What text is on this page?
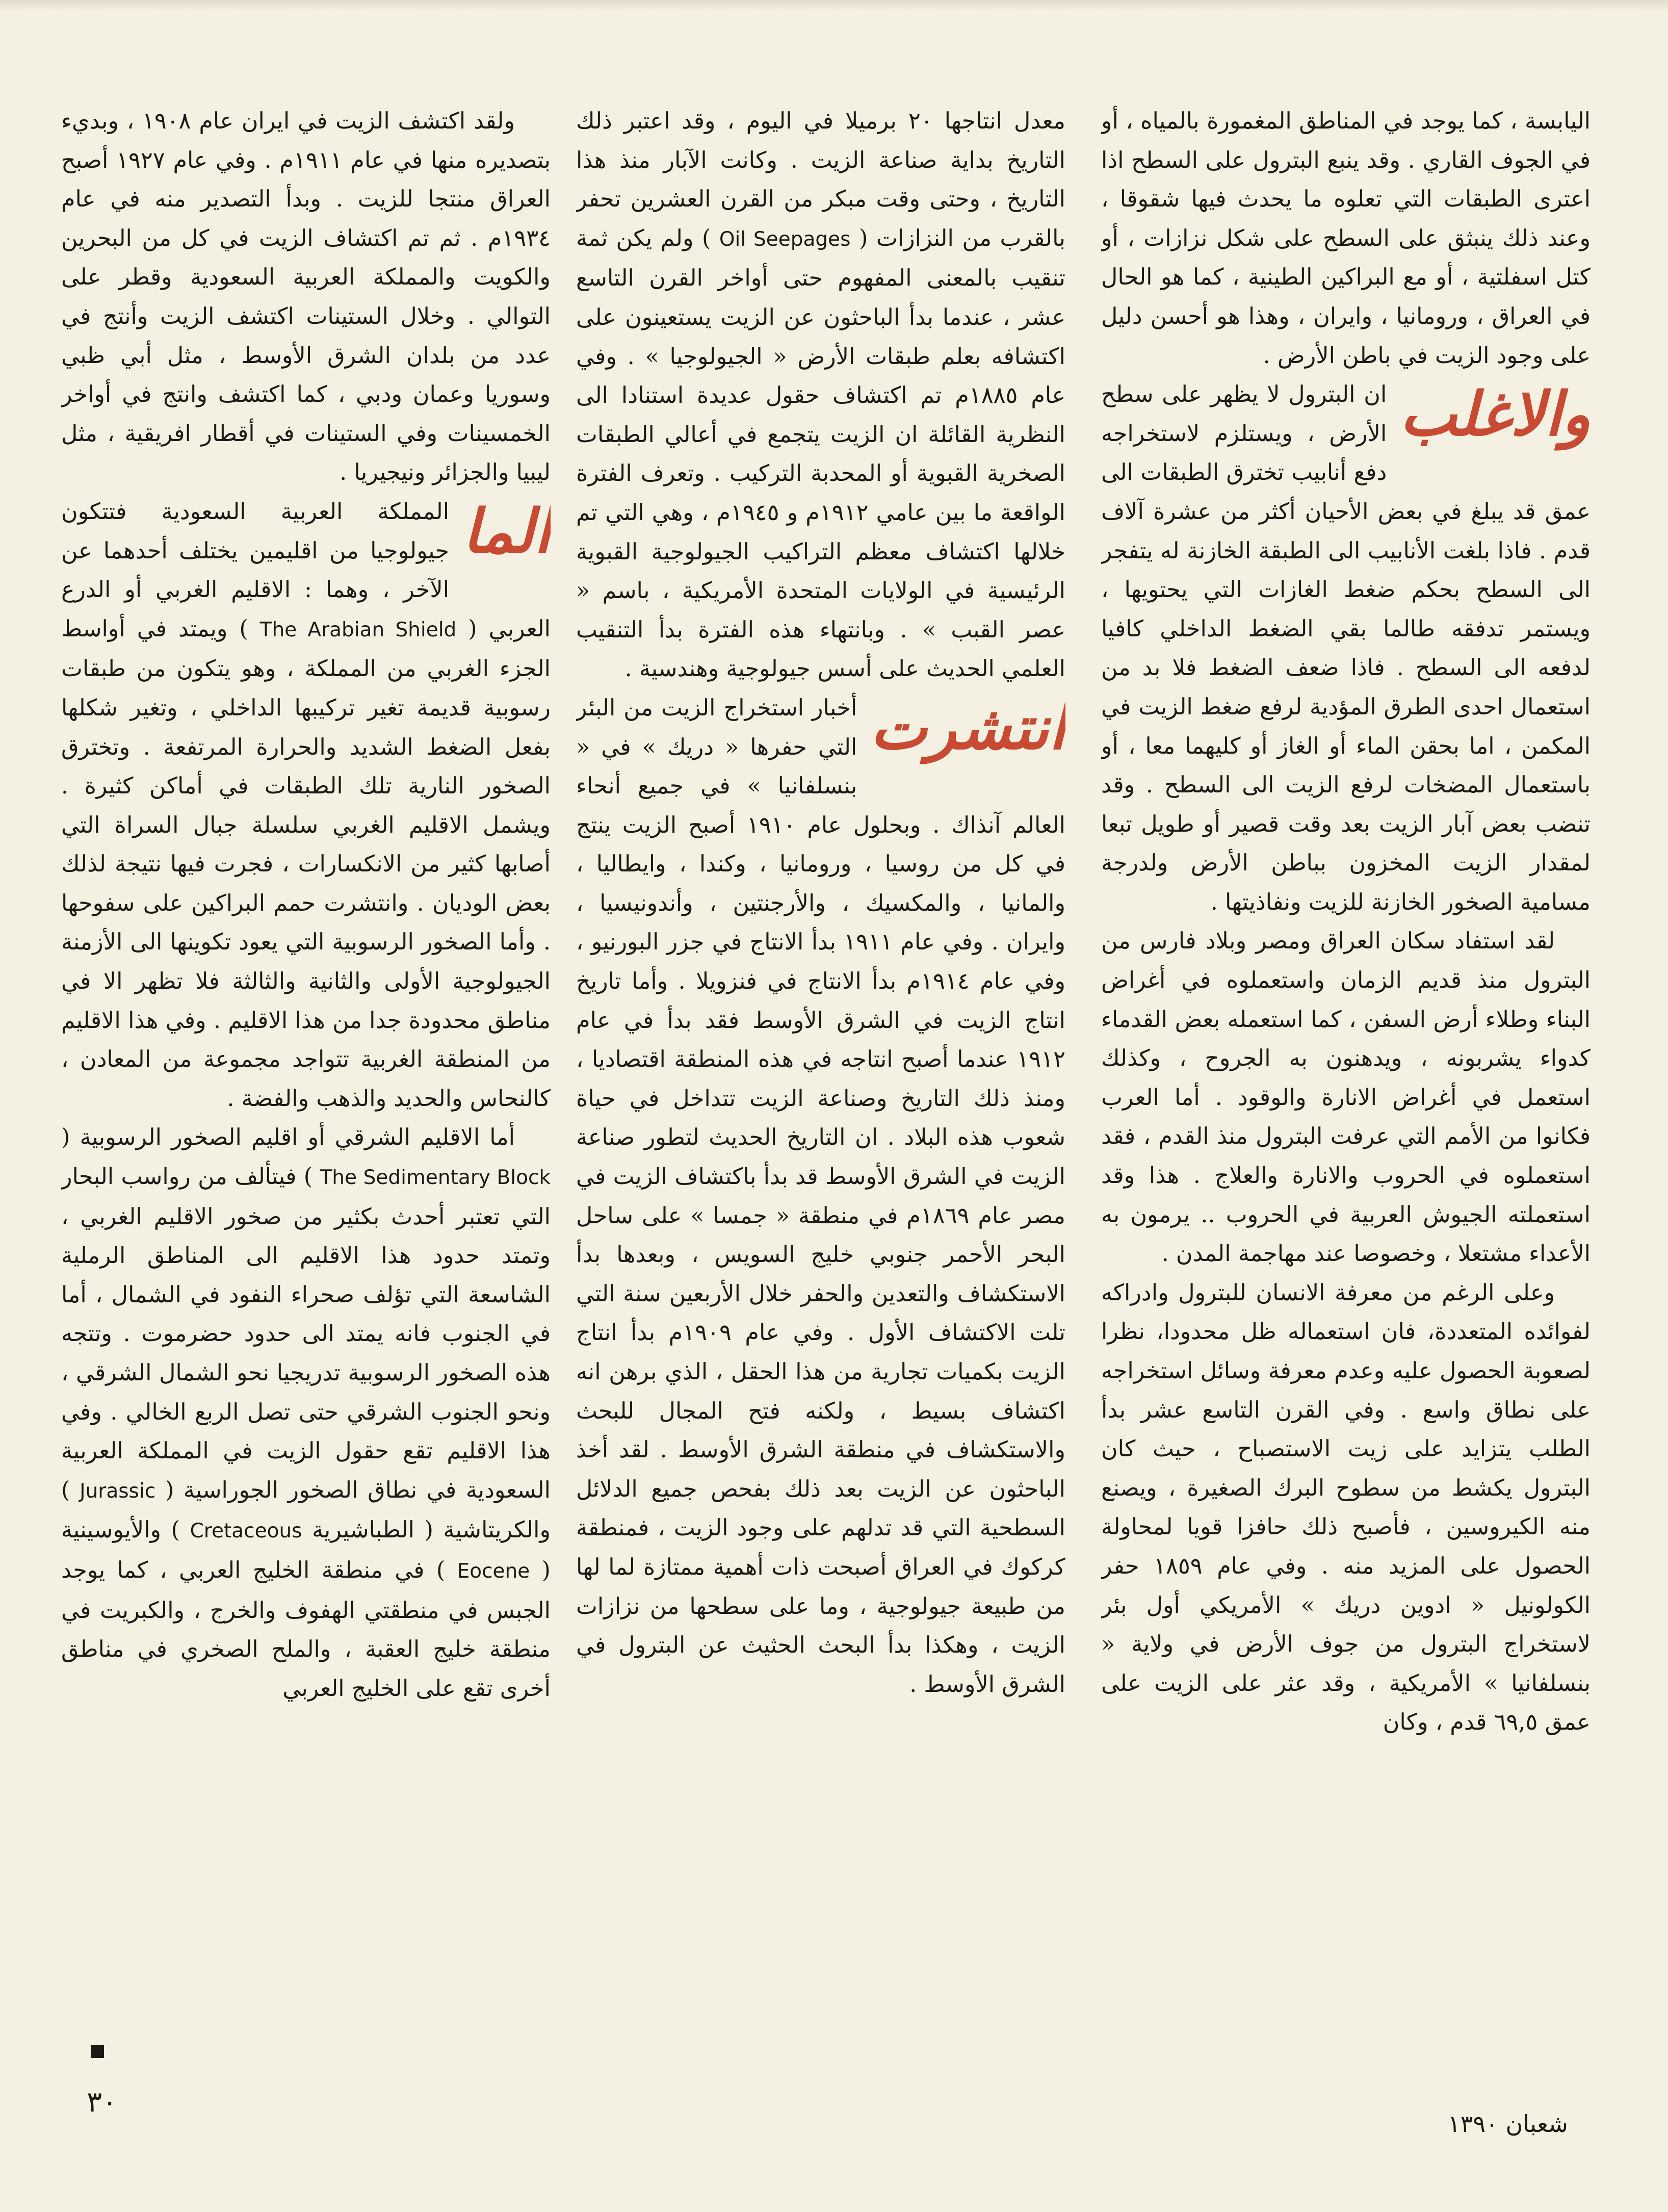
اليابسة ، كما يوجد في المناطق المغمورة بالمياه ، أو في الجوف القاري . وقد ينبع البترول على السطح اذا اعترى الطبقات التي تعلوه ما يحدث فيها شقوقا ، وعند ذلك ينبثق على السطح على شكل نزازات ، أو كتل اسفلتية ، أو مع البراكين الطينية ، كما هو الحال في العراق ، ورومانيا ، وايران ، وهذا هو أحسن دليل على وجود الزيت في باطن الأرض .

والاغلب

ان البترول لا يظهر على سطح الأرض ، ويستلزم لاستخراجه دفع أنابيب تخترق الطبقات الى عمق قد يبلغ في بعض الأحيان أكثر من عشرة آلاف قدم . فاذا بلغت الأنابيب الى الطبقة الخازنة له يتفجر الى السطح بحكم ضغط الغازات التي يحتويها ، ويستمر تدفقه طالما بقي الضغط الداخلي كافيا لدفعه الى السطح . فاذا ضعف الضغط فلا بد من استعمال احدى الطرق المؤدية لرفع ضغط الزيت في المكمن ، اما بحقن الماء أو الغاز أو كليهما معا ، أو باستعمال المضخات لرفع الزيت الى السطح . وقد تنضب بعض آبار الزيت بعد وقت قصير أو طويل تبعا لمقدار الزيت المخزون بباطن الأرض ولدرجة مسامية الصخور الخازنة للزيت ونفاذيتها .

لقد استفاد سكان العراق ومصر وبلاد فارس من البترول منذ قديم الزمان واستعملوه في أغراض البناء وطلاء أرض السفن ، كما استعمله بعض القدماء كدواء يشربونه ، ويدهنون به الجروح ، وكذلك استعمل في أغراض الانارة والوقود . أما العرب فكانوا من الأمم التي عرفت البترول منذ القدم ، فقد استعملوه في الحروب والانارة والعلاج . هذا وقد استعملته الجيوش العربية في الحروب .. يرمون به الأعداء مشتعلا ، وخصوصا عند مهاجمة المدن .

وعلى الرغم من معرفة الانسان للبترول وادراكه لفوائده المتعددة، فان استعماله ظل محدودا، نظرا لصعوبة الحصول عليه وعدم معرفة وسائل استخراجه على نطاق واسع . وفي القرن التاسع عشر بدأ الطلب يتزايد على زيت الاستصباح ، حيث كان البترول يكشط من سطوح البرك الصغيرة ، ويصنع منه الكيروسين ، فأصبح ذلك حافزا قويا لمحاولة الحصول على المزيد منه . وفي عام ١٨٥٩ حفر الكولونيل « ادوين دريك » الأمريكي أول بئر لاستخراج البترول من جوف الأرض في ولاية « بنسلفانيا » الأمريكية ، وقد عثر على الزيت على عمق ٦٩,٥ قدم ، وكان

معدل انتاجها ٢٠ برميلا في اليوم ، وقد اعتبر ذلك التاريخ بداية صناعة الزيت . وكانت الآبار منذ هذا التاريخ ، وحتى وقت مبكر من القرن العشرين تحفر بالقرب من النزازات ( Oil Seepages ) ولم يكن ثمة تنقيب بالمعنى المفهوم حتى أواخر القرن التاسع عشر ، عندما بدأ الباحثون عن الزيت يستعينون على اكتشافه بعلم طبقات الأرض « الجيولوجيا » . وفي عام ١٨٨٥م تم اكتشاف حقول عديدة استنادا الى النظرية القائلة ان الزيت يتجمع في أعالي الطبقات الصخرية القبوية أو المحدبة التركيب . وتعرف الفترة الواقعة ما بين عامي ١٩١٢م و ١٩٤٥م ، وهي التي تم خلالها اكتشاف معظم التراكيب الجيولوجية القبوية الرئيسية في الولايات المتحدة الأمريكية ، باسم « عصر القبب » . وبانتهاء هذه الفترة بدأ التنقيب العلمي الحديث على أسس جيولوجية وهندسية .

انتشرت

أخبار استخراج الزيت من البئر التي حفرها « دريك » في « بنسلفانيا » في جميع أنحاء العالم آنذاك . وبحلول عام ١٩١٠ أصبح الزيت ينتج في كل من روسيا ، ورومانيا ، وكندا ، وايطاليا ، والمانيا ، والمكسيك ، والأرجنتين ، وأندونيسيا ، وايران . وفي عام ١٩١١ بدأ الانتاج في جزر البورنيو ، وفي عام ١٩١٤م بدأ الانتاج في فنزويلا . وأما تاريخ انتاج الزيت في الشرق الأوسط فقد بدأ في عام ١٩١٢ عندما أصبح انتاجه في هذه المنطقة اقتصاديا ، ومنذ ذلك التاريخ وصناعة الزيت تتداخل في حياة شعوب هذه البلاد . ان التاريخ الحديث لتطور صناعة الزيت في الشرق الأوسط قد بدأ باكتشاف الزيت في مصر عام ١٨٦٩م في منطقة « جمسا » على ساحل البحر الأحمر جنوبي خليج السويس ، وبعدها بدأ الاستكشاف والتعدين والحفر خلال الأربعين سنة التي تلت الاكتشاف الأول . وفي عام ١٩٠٩م بدأ انتاج الزيت بكميات تجارية من هذا الحقل ، الذي برهن انه اكتشاف بسيط ، ولكنه فتح المجال للبحث والاستكشاف في منطقة الشرق الأوسط . لقد أخذ الباحثون عن الزيت بعد ذلك بفحص جميع الدلائل السطحية التي قد تدلهم على وجود الزيت ، فمنطقة كركوك في العراق أصبحت ذات أهمية ممتازة لما لها من طبيعة جيولوجية ، وما على سطحها من نزازات الزيت ، وهكذا بدأ البحث الحثيث عن البترول في الشرق الأوسط .

ولقد اكتشف الزيت في ايران عام ١٩٠٨ ، وبديء بتصديره منها في عام ١٩١١م . وفي عام ١٩٢٧ أصبح العراق منتجا للزيت . وبدأ التصدير منه في عام ١٩٣٤م . ثم تم اكتشاف الزيت في كل من البحرين والكويت والمملكة العربية السعودية وقطر على التوالي . وخلال الستينات اكتشف الزيت وأنتج في عدد من بلدان الشرق الأوسط ، مثل أبي ظبي وسوريا وعمان ودبي ، كما اكتشف وانتج في أواخر الخمسينات وفي الستينات في أقطار افريقية ، مثل ليبيا والجزائر ونيجيريا .

الما

المملكة العربية السعودية فتتكون جيولوجيا من اقليمين يختلف أحدهما عن الآخر ، وهما : الاقليم الغربي أو الدرع العربي ( The Arabian Shield ) ويمتد في أواسط الجزء الغربي من المملكة ، وهو يتكون من طبقات رسوبية قديمة تغير تركيبها الداخلي ، وتغير شكلها بفعل الضغط الشديد والحرارة المرتفعة . وتخترق الصخور النارية تلك الطبقات في أماكن كثيرة . ويشمل الاقليم الغربي سلسلة جبال السراة التي أصابها كثير من الانكسارات ، فجرت فيها نتيجة لذلك بعض الوديان . وانتشرت حمم البراكين على سفوحها . وأما الصخور الرسوبية التي يعود تكوينها الى الأزمنة الجيولوجية الأولى والثانية والثالثة فلا تظهر الا في مناطق محدودة جدا من هذا الاقليم . وفي هذا الاقليم من المنطقة الغربية تتواجد مجموعة من المعادن ، كالنحاس والحديد والذهب والفضة .

أما الاقليم الشرقي أو اقليم الصخور الرسوبية ( The Sedimentary Block ) فيتألف من رواسب البحار التي تعتبر أحدث بكثير من صخور الاقليم الغربي ، وتمتد حدود هذا الاقليم الى المناطق الرملية الشاسعة التي تؤلف صحراء النفود في الشمال ، أما في الجنوب فانه يمتد الى حدود حضرموت . وتتجه هذه الصخور الرسوبية تدريجيا نحو الشمال الشرقي ، ونحو الجنوب الشرقي حتى تصل الربع الخالي . وفي هذا الاقليم تقع حقول الزيت في المملكة العربية السعودية في نطاق الصخور الجوراسية ( Jurassic ) والكريتاشية ( الطباشيرية Cretaceous ) والأيوسينية ( Eocene ) في منطقة الخليج العربي ، كما يوجد الجبس في منطقتي الهفوف والخرج ، والكبريت في منطقة خليج العقبة ، والملح الصخري في مناطق أخرى تقع على الخليج العربي

٣٠
شعبان ١٣٩٠
